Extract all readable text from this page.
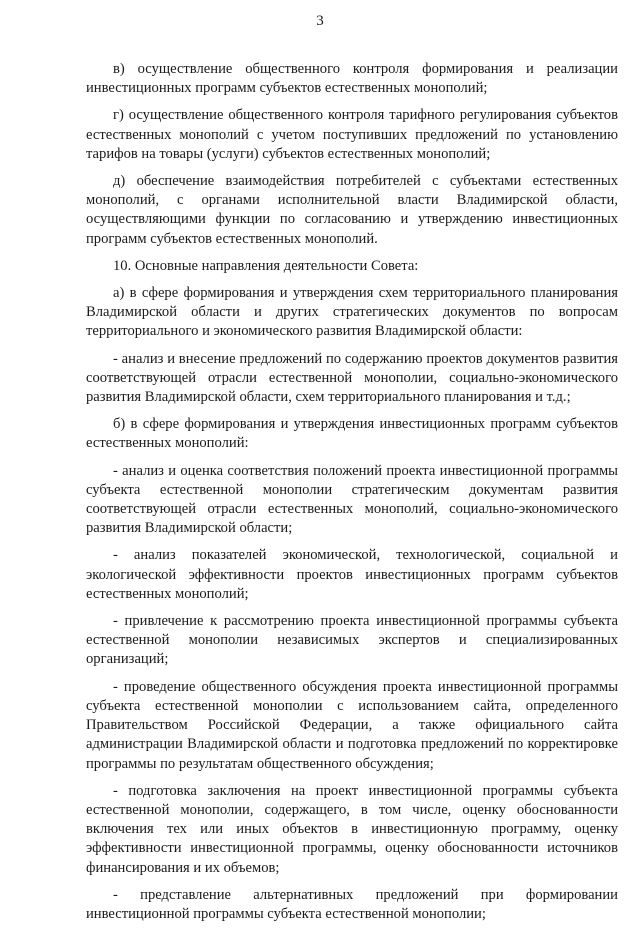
3

в) осуществление общественного контроля формирования и реализации инвестиционных программ субъектов естественных монополий;

г) осуществление общественного контроля тарифного регулирования субъектов естественных монополий с учетом поступивших предложений по установлению тарифов на товары (услуги) субъектов естественных монополий;

д) обеспечение взаимодействия потребителей с субъектами естественных монополий, с органами исполнительной власти Владимирской области, осуществляющими функции по согласованию и утверждению инвестиционных программ субъектов естественных монополий.

10. Основные направления деятельности Совета:

а) в сфере формирования и утверждения схем территориального планирования Владимирской области и других стратегических документов по вопросам территориального и экономического развития Владимирской области:

- анализ и внесение предложений по содержанию проектов документов развития соответствующей отрасли естественной монополии, социально-экономического развития Владимирской области, схем территориального планирования и т.д.;

б) в сфере формирования и утверждения инвестиционных программ субъектов естественных монополий:

- анализ и оценка соответствия положений проекта инвестиционной программы субъекта естественной монополии стратегическим документам развития соответствующей отрасли естественных монополий, социально-экономического развития Владимирской области;

- анализ показателей экономической, технологической, социальной и экологической эффективности проектов инвестиционных программ субъектов естественных монополий;

- привлечение к рассмотрению проекта инвестиционной программы субъекта естественной монополии независимых экспертов и специализированных организаций;

- проведение общественного обсуждения проекта инвестиционной программы субъекта естественной монополии с использованием сайта, определенного Правительством Российской Федерации, а также официального сайта администрации Владимирской области и подготовка предложений по корректировке программы по результатам общественного обсуждения;

- подготовка заключения на проект инвестиционной программы субъекта естественной монополии, содержащего, в том числе, оценку обоснованности включения тех или иных объектов в инвестиционную программу, оценку эффективности инвестиционной программы, оценку обоснованности источников финансирования и их объемов;

- представление альтернативных предложений при формировании инвестиционной программы субъекта естественной монополии;
